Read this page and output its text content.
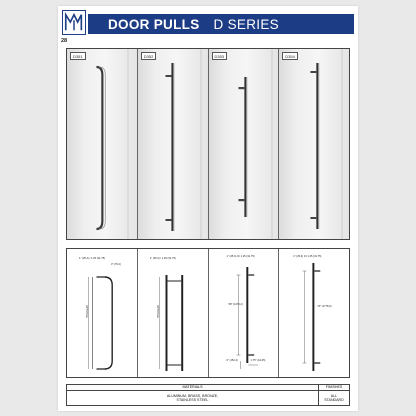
DOOR PULLS D SERIES
28
D351	D352	D353	D354
1" (25.4) / 1.25 (31.75)
3" (76.2)
OPTIONAL
1" (25.4) / 1.25 (31.75)
OPTIONAL
1" (25.4) Or 1.25 (31.75)
58" (1473.2)
6" (152.4)	1.75" (44.45)
1" (25.4) Or 1.25 (31.75)
70" (1778.0)
MATERIALS
ALUMINUM, BRASS, BRONZE,
STAINLESS STEEL
FINISHES
ALL
STANDARD
